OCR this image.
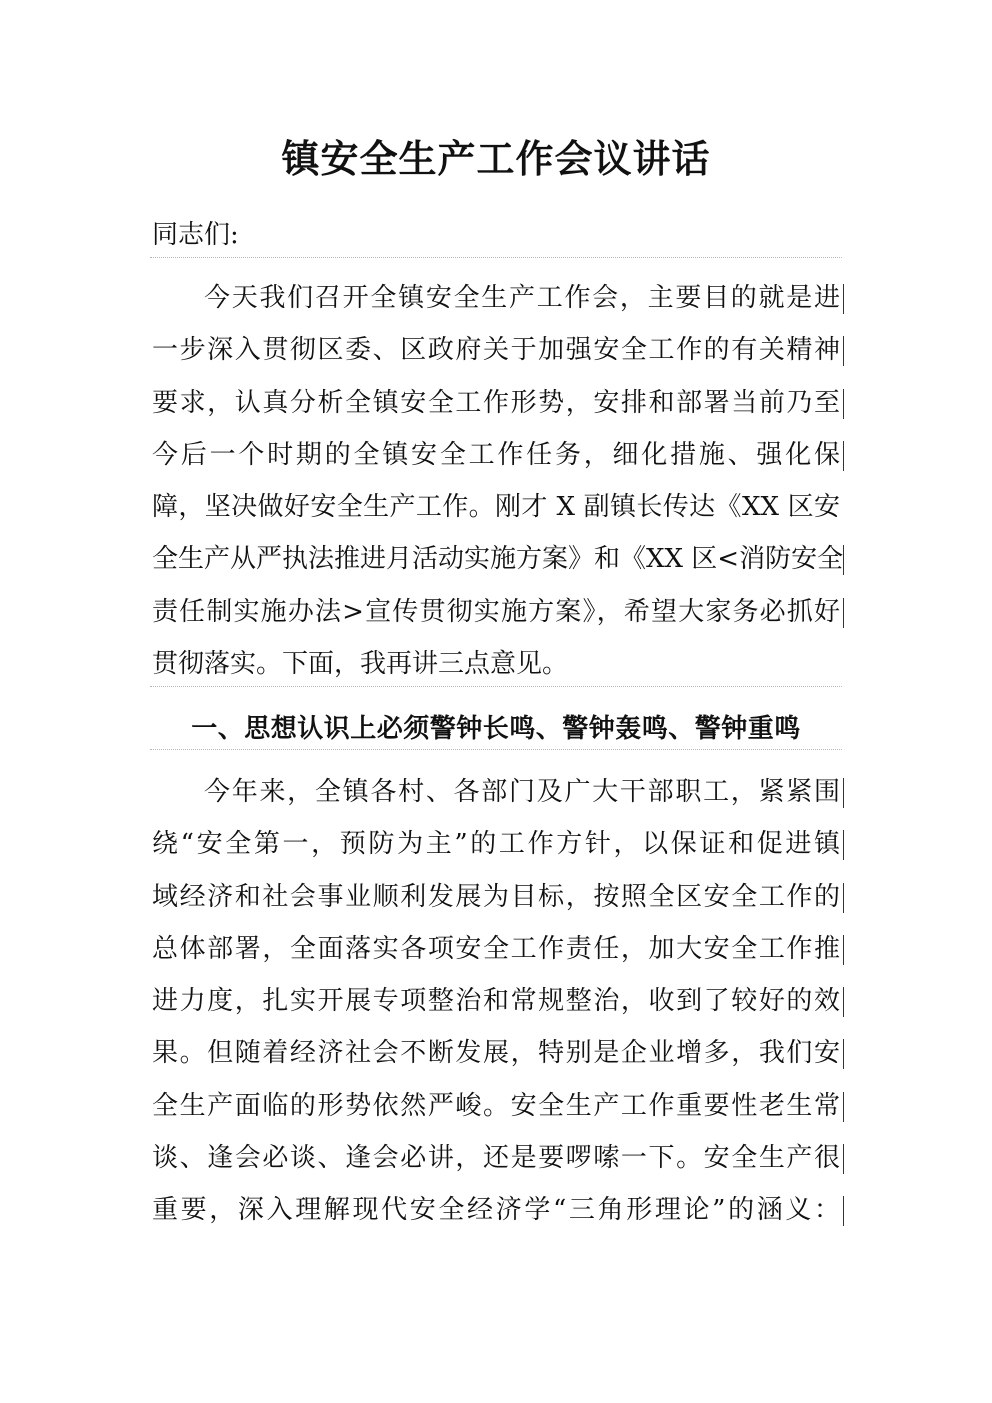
镇安全生产工作会议讲话

同志们:

今天我们召开全镇安全生产工作会，主要目的就是进
一步深入贯彻区委、区政府关于加强安全工作的有关精神
要求，认真分析全镇安全工作形势，安排和部署当前乃至
今后一个时期的全镇安全工作任务，细化措施、强化保
障，坚决做好安全生产工作。刚才 X 副镇长传达《XX 区安
全生产从严执法推进月活动实施方案》和《XX 区<消防安全
责任制实施办法>宣传贯彻实施方案》，希望大家务必抓好
贯彻落实。下面，我再讲三点意见。
一、思想认识上必须警钟长鸣、警钟轰鸣、警钟重鸣
今年来，全镇各村、各部门及广大干部职工，紧紧围
绕“安全第一，预防为主”的工作方针，以保证和促进镇
域经济和社会事业顺利发展为目标，按照全区安全工作的
总体部署，全面落实各项安全工作责任，加大安全工作推
进力度，扎实开展专项整治和常规整治，收到了较好的效
果。但随着经济社会不断发展，特别是企业增多，我们安
全生产面临的形势依然严峻。安全生产工作重要性老生常
谈、逢会必谈、逢会必讲，还是要啰嗦一下。安全生产很
重要，深入理解现代安全经济学“三角形理论”的涵义：
